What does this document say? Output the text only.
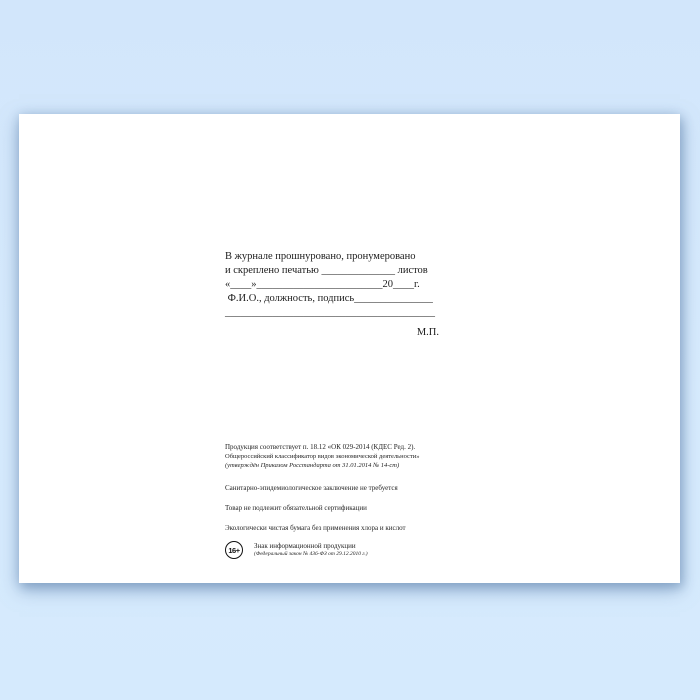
В журнале прошнуровано, пронумеровано

и скреплено печатью ______________ листов

«____»________________________20____г.

Ф.И.О., должность, подпись_______________

________________________________________

М.П.

Продукция соответствует п. 18.12 «ОК 029-2014 (КДЕС Ред. 2).

Общероссийский классификатор видов экономической деятельности»

(утверждён Приказом Росстандарта от 31.01.2014 № 14-ст)

Санитарно-эпидемиологическое заключение не требуется

Товар не подлежит обязательной сертификации

Экологически чистая бумага без применения хлора и кислот

16+	Знак информационной продукции

(Федеральный закон № 436-ФЗ от 29.12.2010 г.)
